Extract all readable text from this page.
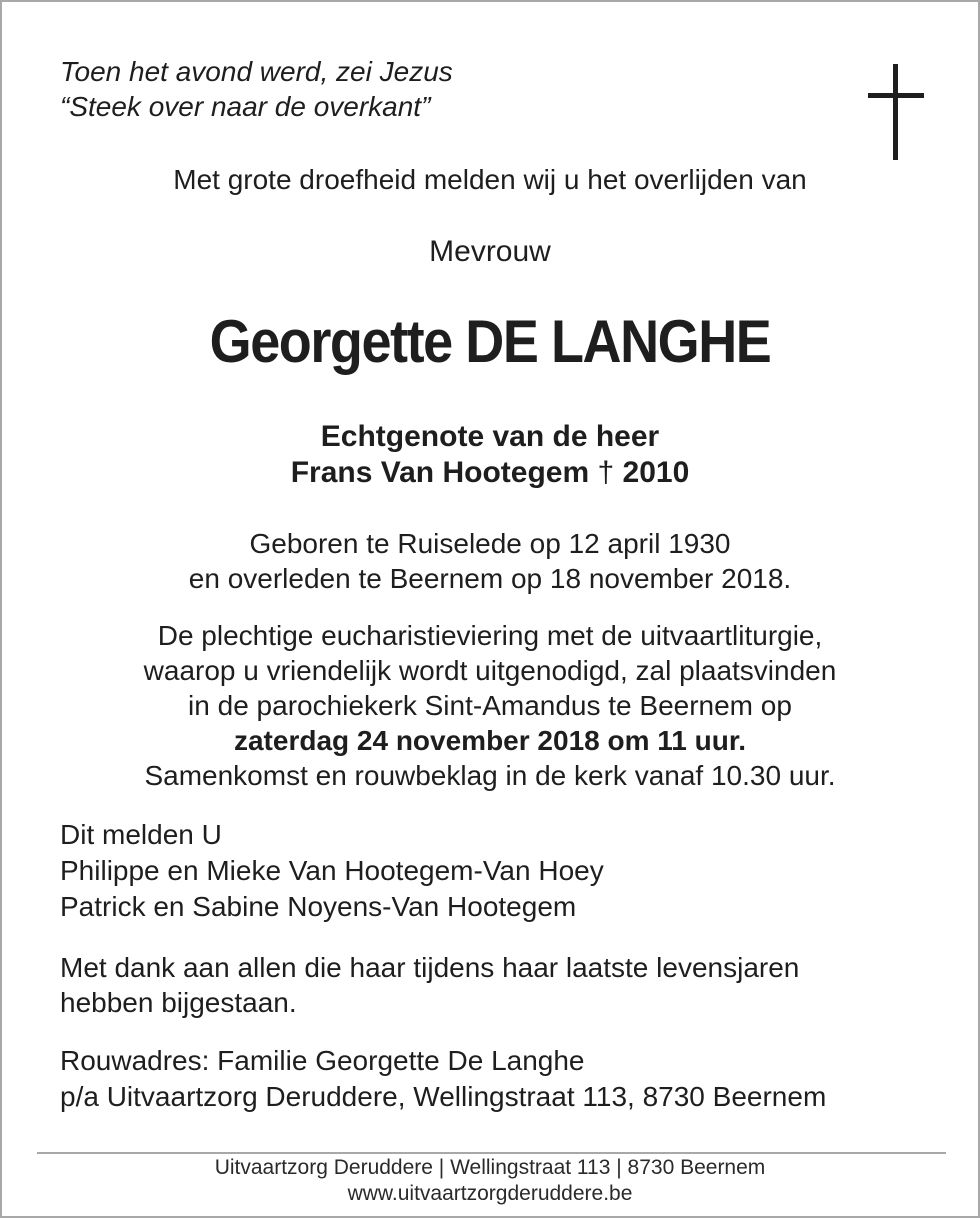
Toen het avond werd, zei Jezus
“Steek over naar de overkant”

Met grote droefheid melden wij u het overlijden van

Mevrouw

Georgette DE LANGHE
Echtgenote van de heer
Frans Van Hootegem † 2010
Geboren te Ruiselede op 12 april 1930
en overleden te Beernem op 18 november 2018.
De plechtige eucharistieviering met de uitvaartliturgie,
waarop u vriendelijk wordt uitgenodigd, zal plaatsvinden
in de parochiekerk Sint-Amandus te Beernem op
zaterdag 24 november 2018 om 11 uur.
Samenkomst en rouwbeklag in de kerk vanaf 10.30 uur.
Dit melden U
Philippe en Mieke Van Hootegem-Van Hoey
Patrick en Sabine Noyens-Van Hootegem
Met dank aan allen die haar tijdens haar laatste levensjaren
hebben bijgestaan.
Rouwadres: Familie Georgette De Langhe
p/a Uitvaartzorg Deruddere, Wellingstraat 113, 8730 Beernem
Uitvaartzorg Deruddere | Wellingstraat 113 | 8730 Beernem
www.uitvaartzorgderuddere.be
